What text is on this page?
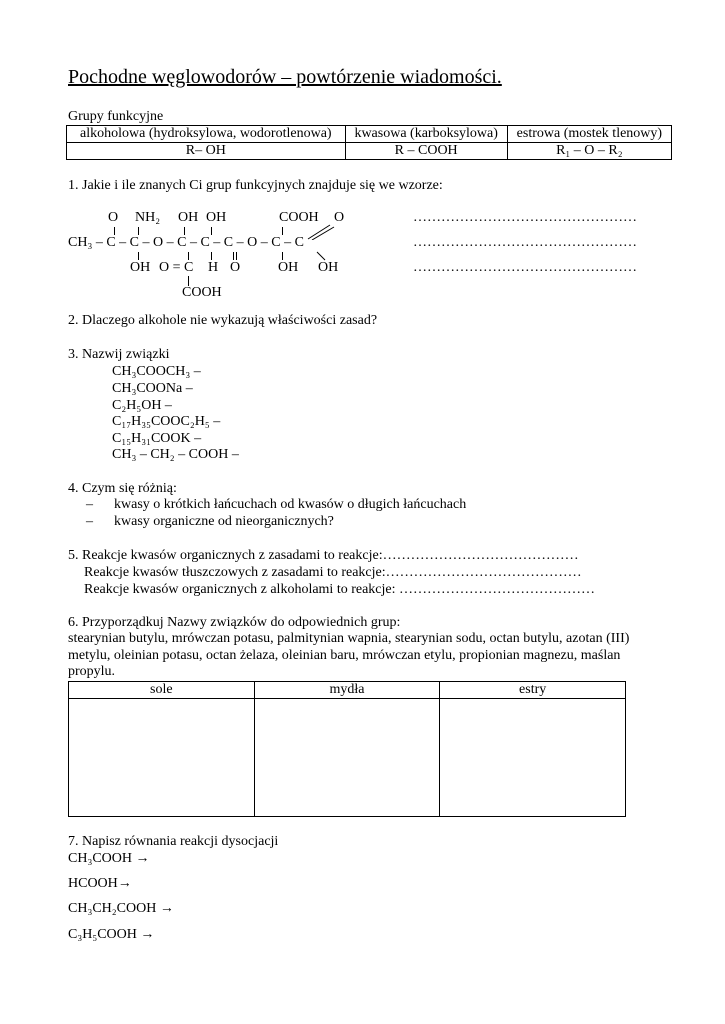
Pochodne węglowodorów – powtórzenie wiadomości.
Grupy funkcyjne
alkoholowa (hydroksylowa, wodorotlenowa)	kwasowa (karboksylowa)	estrowa (mostek tlenowy)
R– OH	R – COOH	R₁ – O – R₂
1. Jakie i ile znanych Ci grup funkcyjnych znajduje się we wzorze:
O NH₂ OH OH	COOH O
CH₃ – C – C – O – C – C – C – O – C – C
OH O = C H O	OH OH
COOH
…………………………………………
…………………………………………
…………………………………………
2. Dlaczego alkohole nie wykazują właściwości zasad?
3. Nazwij związki
CH₃COOCH₃ –
CH₃COONa –
C₂H₅OH –
C₁₇H₃₅COOC₂H₅ –
C₁₅H₃₁COOK –
CH₃ – CH₂ – COOH –
4. Czym się różnią:
– kwasy o krótkich łańcuchach od kwasów o długich łańcuchach
– kwasy organiczne od nieorganicznych?
5. Reakcje kwasów organicznych z zasadami to reakcje:……………………………………
Reakcje kwasów tłuszczowych z zasadami to reakcje:……………………………………
Reakcje kwasów organicznych z alkoholami to reakcje: ……………………………………
6. Przyporządkuj Nazwy związków do odpowiednich grup:
stearynian butylu, mrówczan potasu, palmitynian wapnia, stearynian sodu, octan butylu, azotan (III)
metylu, oleinian potasu, octan żelaza, oleinian baru, mrówczan etylu, propionian magnezu, maślan
propylu.
sole	mydła	estry

7. Napisz równania reakcji dysocjacji
CH₃COOH →
HCOOH→
CH₃CH₂COOH →
C₃H₅COOH →
